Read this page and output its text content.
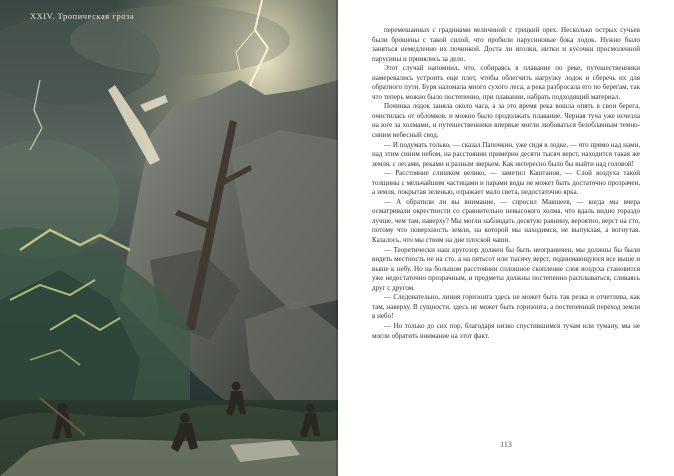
XXIV. Тропическая гроза

перемешанных с градинами величиной с грецкий орех. Несколько острых сучьев были брошены с такой силой, что пробили парусиновые бока лодок. Нужно было заняться немедленно их починкой. Доста ли иголки, нитки и кусочки просмоленной парусины и принялись за дело.

Этот случай напомнил, что, собираясь в плавание по реке, путешественники намеревались устроить еще плот, чтобы облегчить нагрузку лодок и сберечь их для обратного пути. Буря наломала много сухого леса, а река разбросала его по берегам, так что теперь можно было постепенно, при плавании, набрать подходящий материал.

Починка лодок заняла около часа, а за это время река вошла опять в свои берега, очистилась от обломков, и можно было продолжать плавание. Черная туча уже исчезла на юге за холмами, и путешественники впервые могли любоваться безоблачным темно-синим небесный свод.

— И подумать только, — сказал Папочкин, уже сидя в лодке, — что прямо над нами, над этим синим небом, на расстоянии примерно десяти тысяч верст, находится такая же земля, с лесами, реками и разным зверьем. Как интересно было бы выйти над головой!

— Расстояние слишком велико, — заметил Каштанов, — Слой воздуха такой толщины с мельчайшим частицами и парами воды не может быть достаточно прозрачен, а земля, покрытая зеленью, отражает мало света, недостаточно ярка.

— А обратили ли вы внимание, — спросил Макшеев, — когда мы вчера осматривали окрестности со сравнительно невысокого холма, что вдаль видно гораздо лучше, чем там, наверху? Мы могли наблюдать десятую равнину, вероятно, верст на сто, потому что поверхность земли, на которой мы находимся, не выпуклая, а вогнутая. Казалось, что мы стоим на дне плоской чаши.

— Теоретически наш кругозор должен бы быть неограничен, мы должны бы были видеть местность не на сто, а на пятьсот или тысячу верст, поднимающуюся все выше и выше к небу. Но на большом расстоянии сплошное скопление слоя воздуха становится уже недостаточно прозрачным, и предметы должны постепенно расплываться, сливаясь друг с другом.

— Следовательно, линия горизонта здесь не может быть так резка и отчетлива, как там, наверху. В сущности, здесь не может быть горизонта, а постепенный переход земли в небо!

— Но только до сих пор, благодаря низко спустившимся тучам или туману, мы не могли обратить внимание на этот факт.

113
